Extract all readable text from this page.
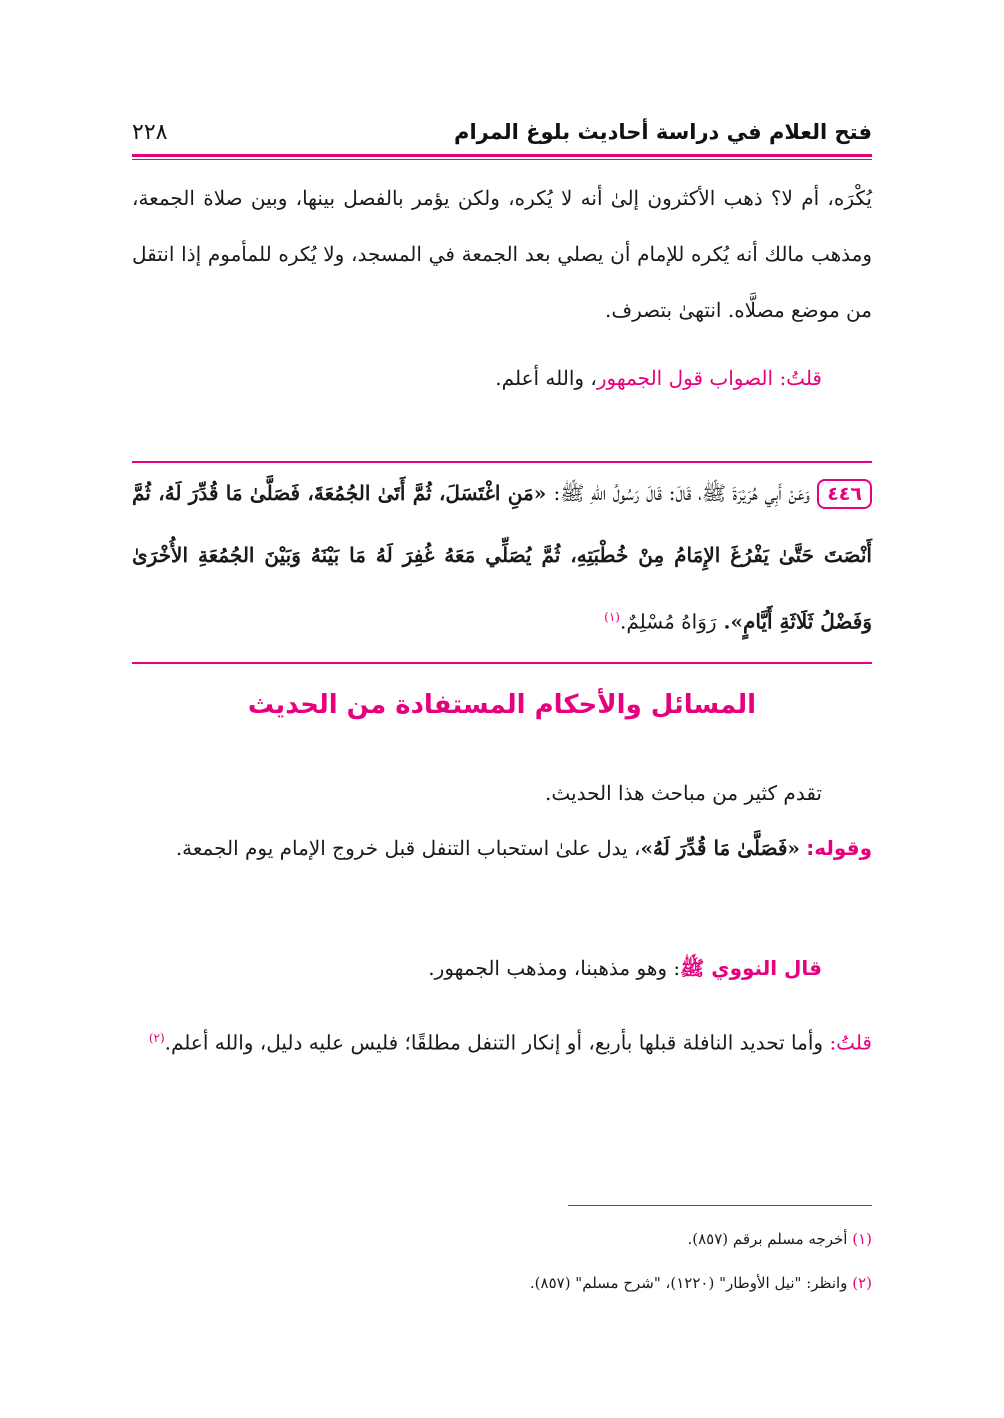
فتح العلام في دراسة أحاديث بلوغ المرام
٢٢٨
يُكْرَه، أم لا؟ ذهب الأكثرون إلىٰ أنه لا يُكره، ولكن يؤمر بالفصل بينها، وبين صلاة الجمعة، ومذهب مالك أنه يُكره للإمام أن يصلي بعد الجمعة في المسجد، ولا يُكره للمأموم إذا انتقل من موضع مصلَّاه. انتهىٰ بتصرف.
قلتُ: الصواب قول الجمهور، والله أعلم.
٤٤٦ وَعَنْ أَبِي هُرَيْرَةَ ﷺ، قَالَ: قَالَ رَسُولُ اللهِ ﷺ: «مَنِ اغْتَسَلَ، ثُمَّ أَتَىٰ الجُمُعَةَ، فَصَلَّىٰ مَا قُدِّرَ لَهُ، ثُمَّ أَنْصَتَ حَتَّىٰ يَفْرُغَ الإِمَامُ مِنْ خُطْبَتِهِ، ثُمَّ يُصَلِّي مَعَهُ غُفِرَ لَهُ مَا بَيْنَهُ وَبَيْنَ الجُمُعَةِ الأُخْرَىٰ وَفَضْلُ ثَلَاثَةِ أَيَّامٍ». رَوَاهُ مُسْلِمٌ.$^{(١)}$
المسائل والأحكام المستفادة من الحديث
تقدم كثير من مباحث هذا الحديث.
وقوله: «فَصَلَّىٰ مَا قُدِّرَ لَهُ»، يدل علىٰ استحباب التنفل قبل خروج الإمام يوم الجمعة.
قال النووي ﷺ: وهو مذهبنا، ومذهب الجمهور.
قلتُ: وأما تحديد النافلة قبلها بأربع، أو إنكار التنفل مطلقًا؛ فليس عليه دليل، والله أعلم.$^{(٢)}$
(١) أخرجه مسلم برقم (٨٥٧).
(٢) وانظر: "نيل الأوطار" (١٢٢٠)، "شرح مسلم" (٨٥٧).
